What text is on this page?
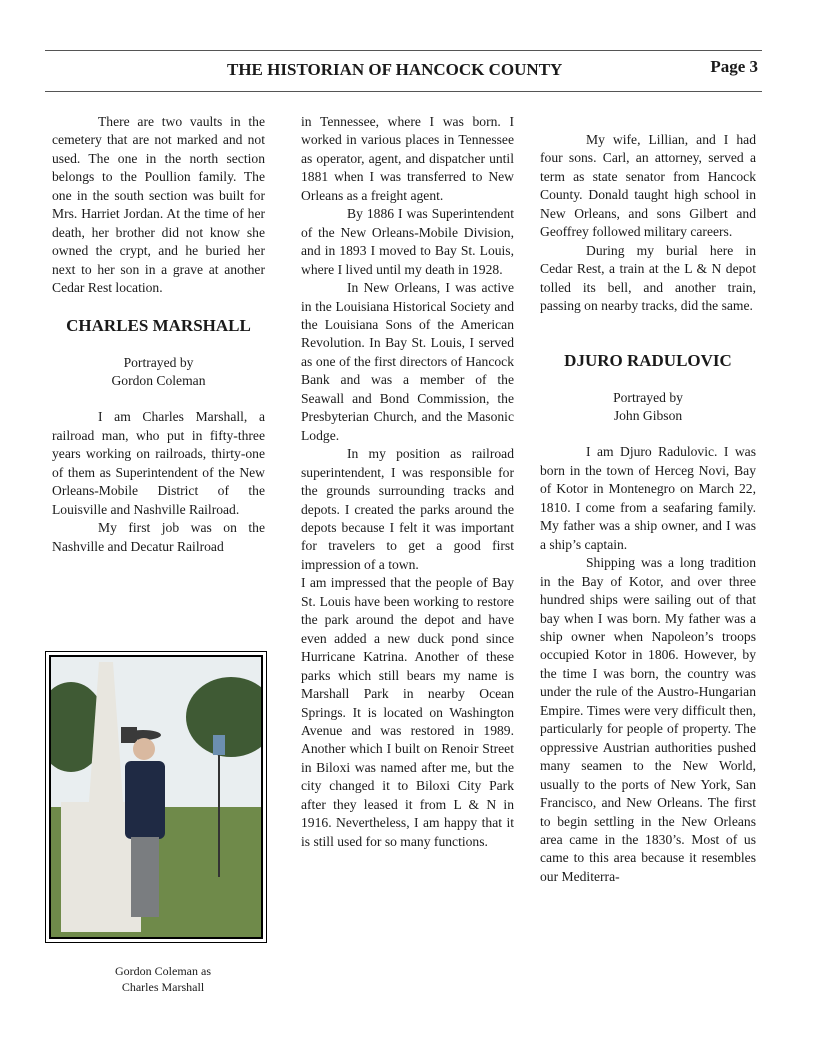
THE HISTORIAN OF HANCOCK COUNTY	Page 3

There are two vaults in the cemetery that are not marked and not used. The one in the north section belongs to the Poullion family. The one in the south section was built for Mrs. Harriet Jordan. At the time of her death, her brother did not know she owned the crypt, and he buried her next to her son in a grave at another Cedar Rest location.

CHARLES MARSHALL
Portrayed by
Gordon Coleman

I am Charles Marshall, a railroad man, who put in fifty-three years working on railroads, thirty-one of them as Superintendent of the New Orleans-Mobile District of the Louisville and Nashville Railroad.

My first job was on the Nashville and Decatur Railroad

Gordon Coleman as
Charles Marshall

in Tennessee, where I was born. I worked in various places in Tennessee as operator, agent, and dispatcher until 1881 when I was transferred to New Orleans as a freight agent.

By 1886 I was Superintendent of the New Orleans-Mobile Division, and in 1893 I moved to Bay St. Louis, where I lived until my death in 1928.

In New Orleans, I was active in the Louisiana Historical Society and the Louisiana Sons of the American Revolution. In Bay St. Louis, I served as one of the first directors of Hancock Bank and was a member of the Seawall and Bond Commission, the Presbyterian Church, and the Masonic Lodge.

In my position as railroad superintendent, I was responsible for the grounds surrounding tracks and depots. I created the parks around the depots because I felt it was important for travelers to get a good first impression of a town.

I am impressed that the people of Bay St. Louis have been working to restore the park around the depot and have even added a new duck pond since Hurricane Katrina. Another of these parks which still bears my name is Marshall Park in nearby Ocean Springs. It is located on Washington Avenue and was restored in 1989. Another which I built on Renoir Street in Biloxi was named after me, but the city changed it to Biloxi City Park after they leased it from L & N in 1916. Nevertheless, I am happy that it is still used for so many functions.

My wife, Lillian, and I had four sons. Carl, an attorney, served a term as state senator from Hancock County. Donald taught high school in New Orleans, and sons Gilbert and Geoffrey followed military careers.

During my burial here in Cedar Rest, a train at the L & N depot tolled its bell, and another train, passing on nearby tracks, did the same.

DJURO RADULOVIC
Portrayed by
John Gibson

I am Djuro Radulovic. I was born in the town of Herceg Novi, Bay of Kotor in Montenegro on March 22, 1810. I come from a seafaring family. My father was a ship owner, and I was a ship’s captain.

Shipping was a long tradition in the Bay of Kotor, and over three hundred ships were sailing out of that bay when I was born. My father was a ship owner when Napoleon’s troops occupied Kotor in 1806. However, by the time I was born, the country was under the rule of the Austro-Hungarian Empire. Times were very difficult then, particularly for people of property. The oppressive Austrian authorities pushed many seamen to the New World, usually to the ports of New York, San Francisco, and New Orleans. The first to begin settling in the New Orleans area came in the 1830’s. Most of us came to this area because it resembles our Mediterra-
